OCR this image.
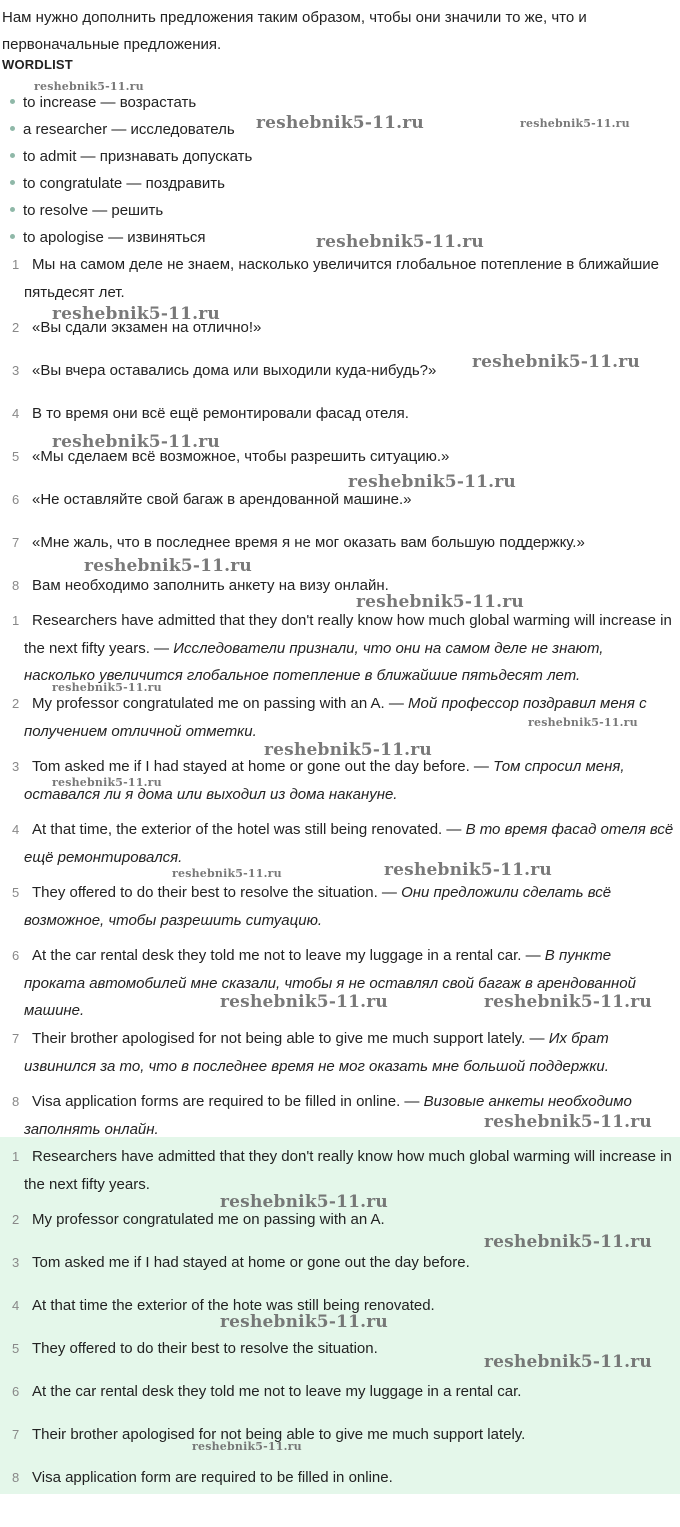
Нам нужно дополнить предложения таким образом, чтобы они значили то же, что и первоначальные предложения.
WORDLIST
to increase — возрастать
a researcher — исследователь
to admit — признавать допускать
to congratulate — поздравить
to resolve — решить
to apologise — извиняться
1 Мы на самом деле не знаем, насколько увеличится глобальное потепление в ближайшие пятьдесят лет.
2 «Вы сдали экзамен на отлично!»
3 «Вы вчера оставались дома или выходили куда-нибудь?»
4 В то время они всё ещё ремонтировали фасад отеля.
5 «Мы сделаем всё возможное, чтобы разрешить ситуацию.»
6 «Не оставляйте свой багаж в арендованной машине.»
7 «Мне жаль, что в последнее время я не мог оказать вам большую поддержку.»
8 Вам необходимо заполнить анкету на визу онлайн.
1 Researchers have admitted that they don't really know how much global warming will increase in the next fifty years. — Исследователи признали, что они на самом деле не знают, насколько увеличится глобальное потепление в ближайшие пятьдесят лет.
2 My professor congratulated me on passing with an A. — Мой профессор поздравил меня с получением отличной отметки.
3 Tom asked me if I had stayed at home or gone out the day before. — Том спросил меня, оставался ли я дома или выходил из дома накануне.
4 At that time, the exterior of the hotel was still being renovated. — В то время фасад отеля всё ещё ремонтировался.
5 They offered to do their best to resolve the situation. — Они предложили сделать всё возможное, чтобы разрешить ситуацию.
6 At the car rental desk they told me not to leave my luggage in a rental car. — В пункте проката автомобилей мне сказали, чтобы я не оставлял свой багаж в арендованной машине.
7 Their brother apologised for not being able to give me much support lately. — Их брат извинился за то, что в последнее время не мог оказать мне большой поддержки.
8 Visa application forms are required to be filled in online. — Визовые анкеты необходимо заполнять онлайн.
1 Researchers have admitted that they don't really know how much global warming will increase in the next fifty years.
2 My professor congratulated me on passing with an A.
3 Tom asked me if I had stayed at home or gone out the day before.
4 At that time the exterior of the hote was still being renovated.
5 They offered to do their best to resolve the situation.
6 At the car rental desk they told me not to leave my luggage in a rental car.
7 Their brother apologised for not being able to give me much support lately.
8 Visa application form are required to be filled in online.
reshebnik5-11.ru
reshebnik5-11.ru	reshebnik5-11.ru
reshebnik5-11.ru
reshebnik5-11.ru
reshebnik5-11.ru
reshebnik5-11.ru
reshebnik5-11.ru
reshebnik5-11.ru
reshebnik5-11.ru
reshebnik5-11.ru
reshebnik5-11.ru
reshebnik5-11.ru
reshebnik5-11.ru
reshebnik5-11.ru	reshebnik5-11.ru
reshebnik5-11.ru	reshebnik5-11.ru
reshebnik5-11.ru
reshebnik5-11.ru
reshebnik5-11.ru
reshebnik5-11.ru
reshebnik5-11.ru
reshebnik5-11.ru
